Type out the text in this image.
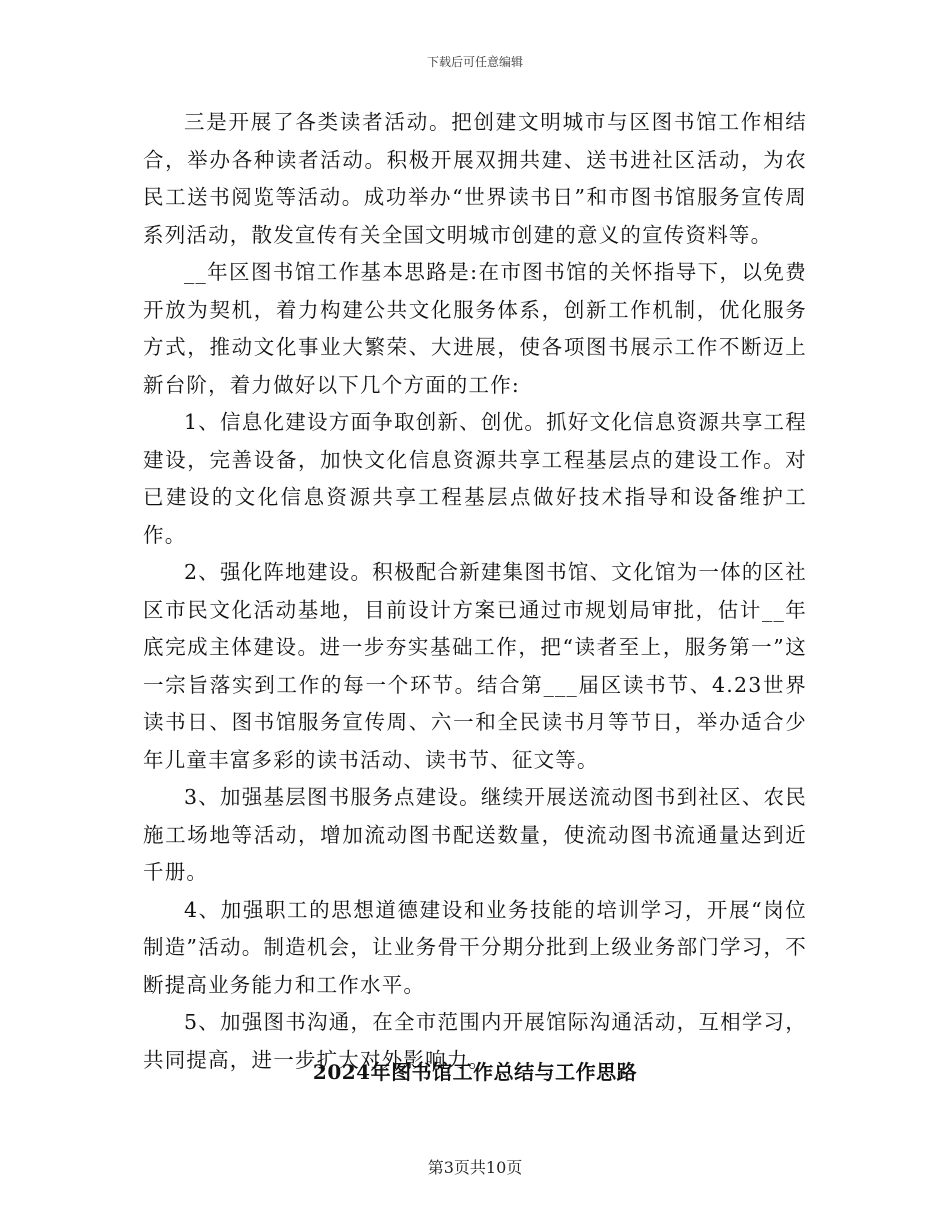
下载后可任意编辑

三是开展了各类读者活动。把创建文明城市与区图书馆工作相结合，举办各种读者活动。积极开展双拥共建、送书进社区活动，为农民工送书阅览等活动。成功举办“世界读书日”和市图书馆服务宣传周系列活动，散发宣传有关全国文明城市创建的意义的宣传资料等。

__年区图书馆工作基本思路是:在市图书馆的关怀指导下，以免费开放为契机，着力构建公共文化服务体系，创新工作机制，优化服务方式，推动文化事业大繁荣、大进展，使各项图书展示工作不断迈上新台阶，着力做好以下几个方面的工作:

1、信息化建设方面争取创新、创优。抓好文化信息资源共享工程建设，完善设备，加快文化信息资源共享工程基层点的建设工作。对已建设的文化信息资源共享工程基层点做好技术指导和设备维护工作。

2、强化阵地建设。积极配合新建集图书馆、文化馆为一体的区社区市民文化活动基地，目前设计方案已通过市规划局审批，估计__年底完成主体建设。进一步夯实基础工作，把“读者至上，服务第一”这一宗旨落实到工作的每一个环节。结合第___届区读书节、4.23世界读书日、图书馆服务宣传周、六一和全民读书月等节日，举办适合少年儿童丰富多彩的读书活动、读书节、征文等。

3、加强基层图书服务点建设。继续开展送流动图书到社区、农民施工场地等活动，增加流动图书配送数量，使流动图书流通量达到近千册。

4、加强职工的思想道德建设和业务技能的培训学习，开展“岗位制造”活动。制造机会，让业务骨干分期分批到上级业务部门学习，不断提高业务能力和工作水平。

5、加强图书沟通，在全市范围内开展馆际沟通活动，互相学习，共同提高，进一步扩大对外影响力。

2024年图书馆工作总结与工作思路
第3页共10页
